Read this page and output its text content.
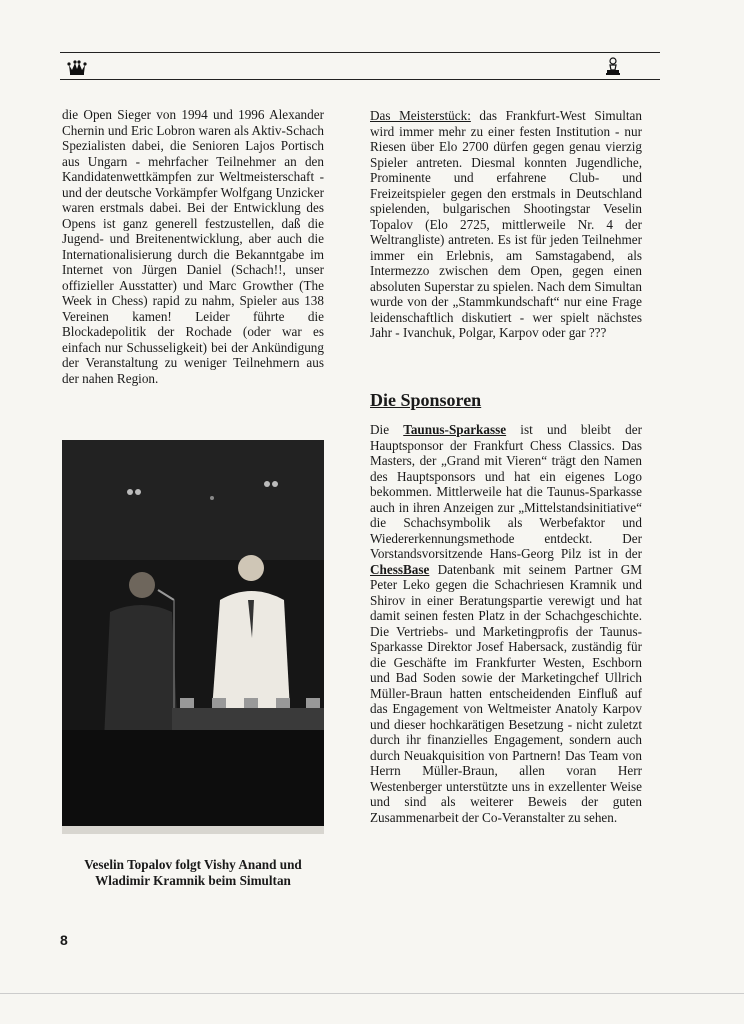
die Open Sieger von 1994 und 1996 Alexander Chernin und Eric Lobron waren als Aktiv-Schach Spezialisten dabei, die Senioren Lajos Portisch aus Ungarn - mehrfacher Teilnehmer an den Kandidatenwettkämpfen zur Weltmeisterschaft - und der deutsche Vorkämpfer Wolfgang Unzicker waren erstmals dabei. Bei der Entwicklung des Opens ist ganz generell festzustellen, daß die Jugend- und Breitenentwicklung, aber auch die Internationalisierung durch die Bekanntgabe im Internet von Jürgen Daniel (Schach!!, unser offizieller Ausstatter) und Marc Growther (The Week in Chess) rapid zu nahm, Spieler aus 138 Vereinen kamen! Leider führte die Blockadepolitik der Rochade (oder war es einfach nur Schusseligkeit) bei der Ankündigung der Veranstaltung zu weniger Teilnehmern aus der nahen Region.

Veselin Topalov folgt Vishy Anand und
Wladimir Kramnik beim Simultan

Das Meisterstück: das Frankfurt-West Simultan wird immer mehr zu einer festen Institution - nur Riesen über Elo 2700 dürfen gegen genau vierzig Spieler antreten. Diesmal konnten Jugendliche, Prominente und erfahrene Club- und Freizeitspieler gegen den erstmals in Deutschland spielenden, bulgarischen Shootingstar Veselin Topalov (Elo 2725, mittlerweile Nr. 4 der Weltrangliste) antreten. Es ist für jeden Teilnehmer immer ein Erlebnis, am Samstagabend, als Intermezzo zwischen dem Open, gegen einen absoluten Superstar zu spielen. Nach dem Simultan wurde von der „Stammkundschaft“ nur eine Frage leidenschaftlich diskutiert - wer spielt nächstes Jahr - Ivanchuk, Polgar, Karpov oder gar ???

Die Sponsoren

Die Taunus-Sparkasse ist und bleibt der Hauptsponsor der Frankfurt Chess Classics. Das Masters, der „Grand mit Vieren“ trägt den Namen des Hauptsponsors und hat ein eigenes Logo bekommen. Mittlerweile hat die Taunus-Sparkasse auch in ihren Anzeigen zur „Mittelstandsinitiative“ die Schachsymbolik als Werbefaktor und Wiedererkennungsmethode entdeckt. Der Vorstandsvorsitzende Hans-Georg Pilz ist in der ChessBase Datenbank mit seinem Partner GM Peter Leko gegen die Schachriesen Kramnik und Shirov in einer Beratungspartie verewigt und hat damit seinen festen Platz in der Schachgeschichte. Die Vertriebs- und Marketingprofis der Taunus-Sparkasse Direktor Josef Habersack, zuständig für die Geschäfte im Frankfurter Westen, Eschborn und Bad Soden sowie der Marketingchef Ullrich Müller-Braun hatten entscheidenden Einfluß auf das Engagement von Weltmeister Anatoly Karpov und dieser hochkarätigen Besetzung - nicht zuletzt durch ihr finanzielles Engagement, sondern auch durch Neuakquisition von Partnern! Das Team von Herrn Müller-Braun, allen voran Herr Westenberger unterstützte uns in exzellenter Weise und sind als weiterer Beweis der guten Zusammenarbeit der Co-Veranstalter zu sehen.

8
